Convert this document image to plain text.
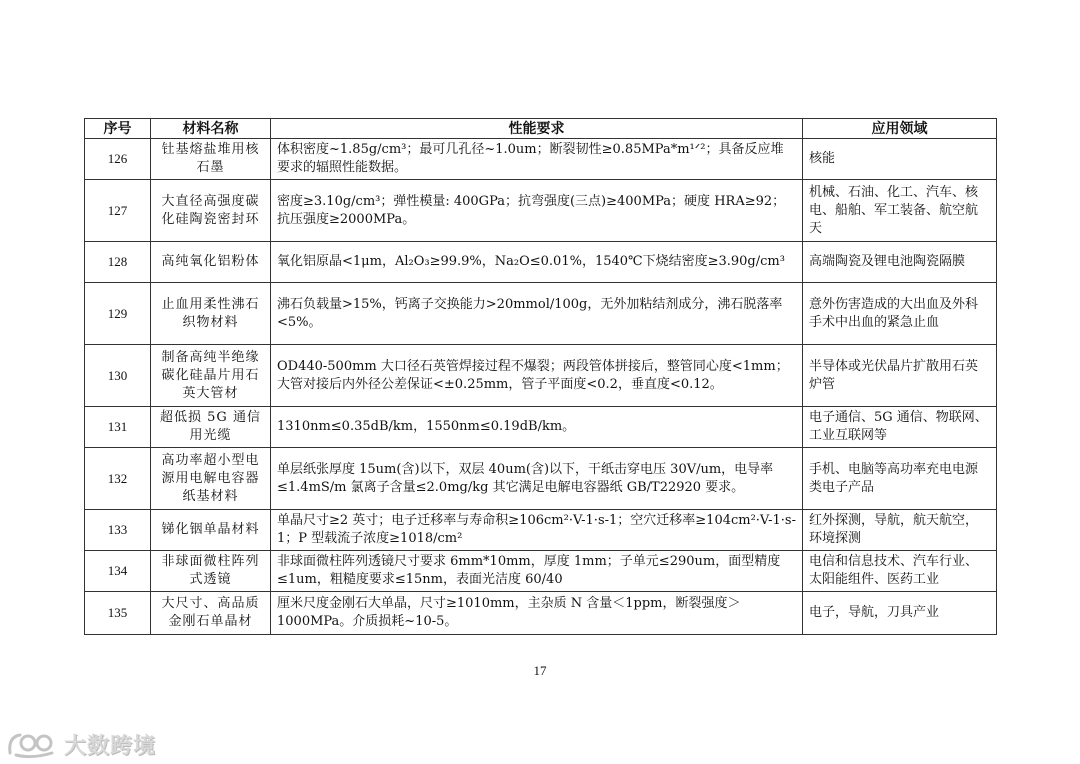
序号	材料名称	性能要求	应用领域
126	钍基熔盐堆用核石墨	体积密度~1.85g/cm³；最可几孔径~1.0um；断裂韧性≥0.85MPa*m¹ᐟ²；具备反应堆要求的辐照性能数据。	核能
127	大直径高强度碳化硅陶瓷密封环	密度≥3.10g/cm³；弹性模量: 400GPa；抗弯强度(三点)≥400MPa；硬度 HRA≥92；抗压强度≥2000MPa。	机械、石油、化工、汽车、核电、船舶、军工装备、航空航天
128	高纯氧化铝粉体	氧化铝原晶<1μm，Al₂O₃≥99.9%，Na₂O≤0.01%，1540℃下烧结密度≥3.90g/cm³	高端陶瓷及锂电池陶瓷隔膜
129	止血用柔性沸石织物材料	沸石负载量>15%，钙离子交换能力>20mmol/100g，无外加粘结剂成分，沸石脱落率<5%。	意外伤害造成的大出血及外科手术中出血的紧急止血
130	制备高纯半绝缘碳化硅晶片用石英大管材	OD440-500mm 大口径石英管焊接过程不爆裂；两段管体拼接后，整管同心度<1mm；大管对接后内外径公差保证<±0.25mm，管子平面度<0.2，垂直度<0.12。	半导体或光伏晶片扩散用石英炉管
131	超低损 5G 通信用光缆	1310nm≤0.35dB/km，1550nm≤0.19dB/km。	电子通信、5G 通信、物联网、工业互联网等
132	高功率超小型电源用电解电容器纸基材料	单层纸张厚度 15um(含)以下，双层 40um(含)以下，干纸击穿电压 30V/um，电导率≤1.4mS/m 氯离子含量≤2.0mg/kg 其它满足电解电容器纸 GB/T22920 要求。	手机、电脑等高功率充电电源类电子产品
133	锑化铟单晶材料	单晶尺寸≥2 英寸；电子迁移率与寿命积≥106cm²·V-1·s-1；空穴迁移率≥104cm²·V-1·s-1；P 型载流子浓度≥1018/cm²	红外探测，导航，航天航空，环境探测
134	非球面微柱阵列式透镜	非球面微柱阵列透镜尺寸要求 6mm*10mm，厚度 1mm；子单元≤290um，面型精度≤1um，粗糙度要求≤15nm，表面光洁度 60/40	电信和信息技术、汽车行业、太阳能组件、医药工业
135	大尺寸、高品质金刚石单晶材	厘米尺度金刚石大单晶，尺寸≥1010mm，主杂质 N 含量＜1ppm，断裂强度＞1000MPa。介质损耗~10-5。	电子，导航，刀具产业
17
大数跨境
